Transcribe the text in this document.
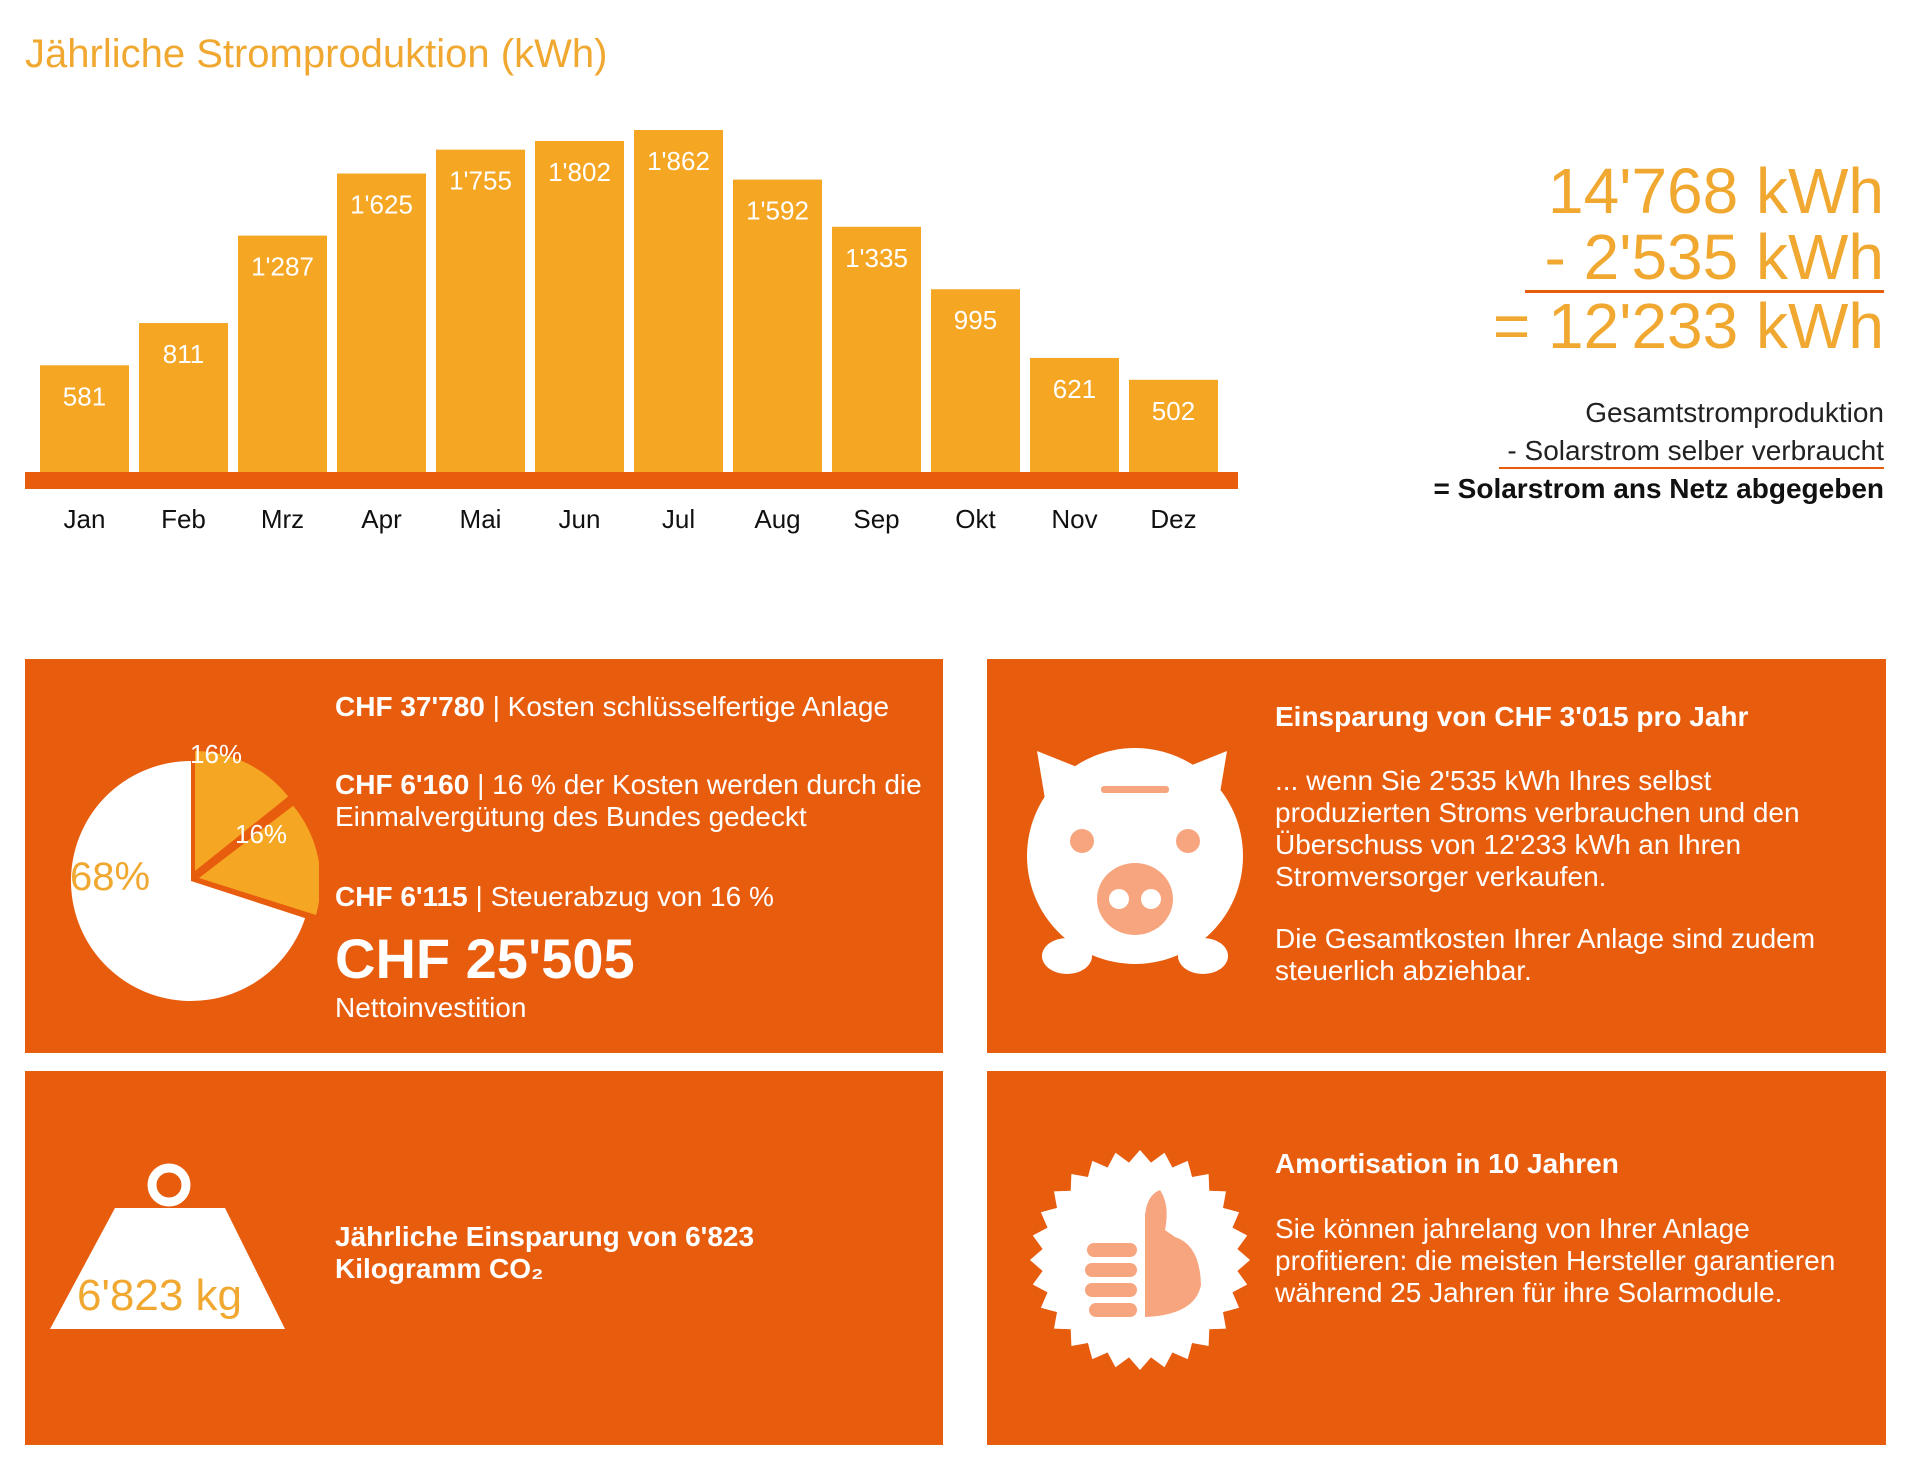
Jährliche Stromproduktion (kWh)
581
Jan
811
Feb
1'287
Mrz
1'625
Apr
1'755
Mai
1'802
Jun
1'862
Jul
1'592
Aug
1'335
Sep
995
Okt
621
Nov
502
Dez
14'768 kWh
- 2'535 kWh
= 12'233 kWh
Gesamtstromproduktion
- Solarstrom selber verbraucht
= Solarstrom ans Netz abgegeben
68%
16%
16%
CHF 37'780 | Kosten schlüsselfertige Anlage
CHF 6'160 | 16 % der Kosten werden durch die Einmalvergütung des Bundes gedeckt
CHF 6'115 | Steuerabzug von 16 %
CHF 25'505
Nettoinvestition
Einsparung von CHF 3'015 pro Jahr
... wenn Sie 2'535 kWh Ihres selbst produzierten Stroms verbrauchen und den Überschuss von 12'233 kWh an Ihren Stromversorger verkaufen.
Die Gesamtkosten Ihrer Anlage sind zudem steuerlich abziehbar.
6'823 kg
Jährliche Einsparung von 6'823 Kilogramm CO₂
Amortisation in 10 Jahren
Sie können jahrelang von Ihrer Anlage profitieren: die meisten Hersteller garantieren während 25 Jahren für ihre Solarmodule.
